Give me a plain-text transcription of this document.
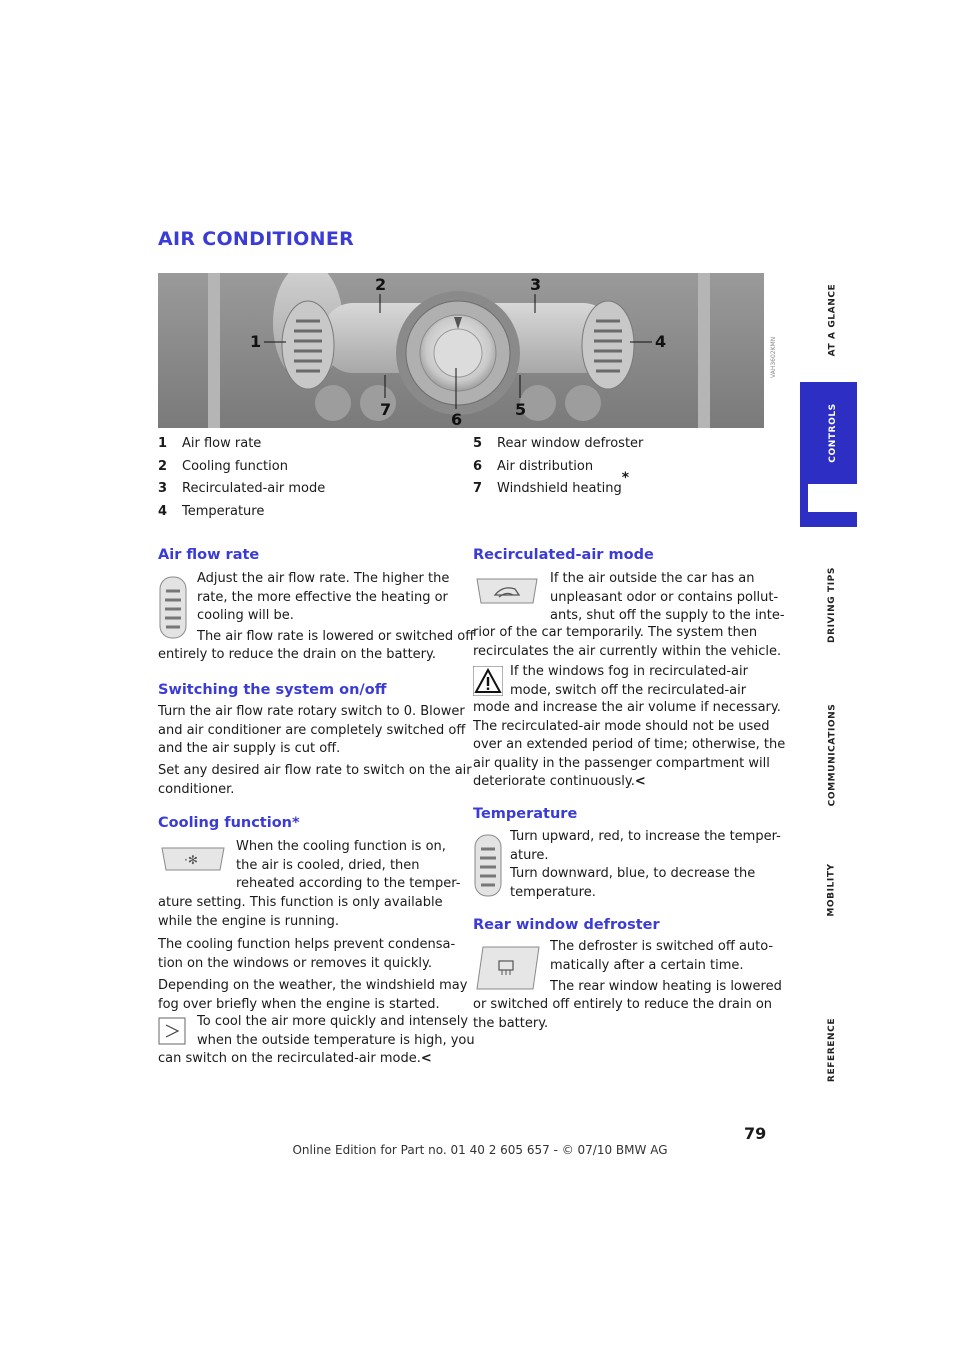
AT A GLANCE
CONTROLS
DRIVING TIPS
COMMUNICATIONS
MOBILITY
REFERENCE
AIR CONDITIONER
1
2	3
4
5
6
7
VAH3602KMN
1	Air flow rate
2	Cooling function
3	Recirculated-air mode
4	Temperature
5	Rear window defroster
6	Air distribution
7	Windshield heating
*
Air flow rate

Adjust the air flow rate. The higher the
rate, the more effective the heating or
cooling will be.

The air flow rate is lowered or switched off

entirely to reduce the drain on the battery.

Switching the system on/off

Turn the air flow rate rotary switch to 0. Blower
and air conditioner are completely switched off
and the air supply is cut off.

Set any desired air flow rate to switch on the air
conditioner.

Cooling function*
·✻

When the cooling function is on,
the air is cooled, dried, then
reheated according to the temper-

ature setting. This function is only available
while the engine is running.

The cooling function helps prevent condensa-
tion on the windows or removes it quickly.

Depending on the weather, the windshield may
fog over briefly when the engine is started.

To cool the air more quickly and intensely
when the outside temperature is high, you

can switch on the recirculated-air mode.<

Recirculated-air mode

If the air outside the car has an
unpleasant odor or contains pollut-
ants, shut off the supply to the inte-

rior of the car temporarily. The system then
recirculates the air currently within the vehicle.

If the windows fog in recirculated-air
mode, switch off the recirculated-air

mode and increase the air volume if necessary.
The recirculated-air mode should not be used
over an extended period of time; otherwise, the
air quality in the passenger compartment will
deteriorate continuously.<

Temperature

Turn upward, red, to increase the temper-
ature.
Turn downward, blue, to decrease the
temperature.

Rear window defroster

The defroster is switched off auto-
matically after a certain time.

The rear window heating is lowered

or switched off entirely to reduce the drain on
the battery.

79
Online Edition for Part no. 01 40 2 605 657 - © 07/10 BMW AG
